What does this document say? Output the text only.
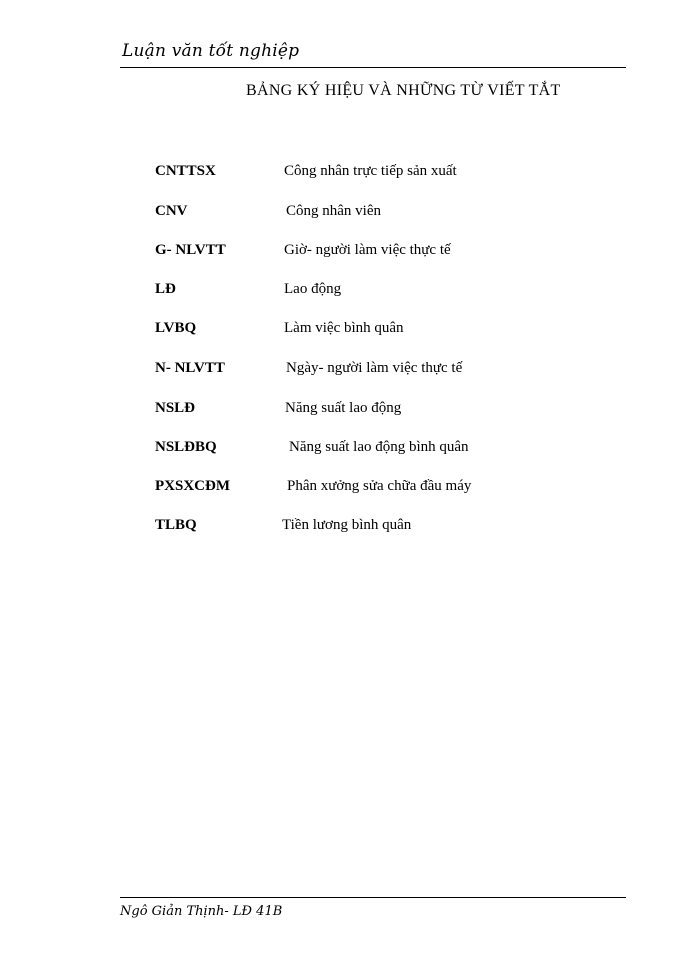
Luận văn tốt nghiệp
BẢNG KÝ HIỆU VÀ NHỮNG TỪ VIẾT TẮT
CNTTSX	Công nhân trực tiếp sản xuất
CNV	Công nhân viên
G- NLVTT	Giờ- người làm việc thực tế
LĐ	Lao động
LVBQ	Làm việc bình quân
N- NLVTT	Ngày- người làm việc thực tế
NSLĐ	Năng suất lao động
NSLĐBQ	Năng suất lao động bình quân
PXSXCĐM	Phân xưởng sửa chữa đầu máy
TLBQ	Tiền lương bình quân
Ngô Giản Thịnh- LĐ 41B
